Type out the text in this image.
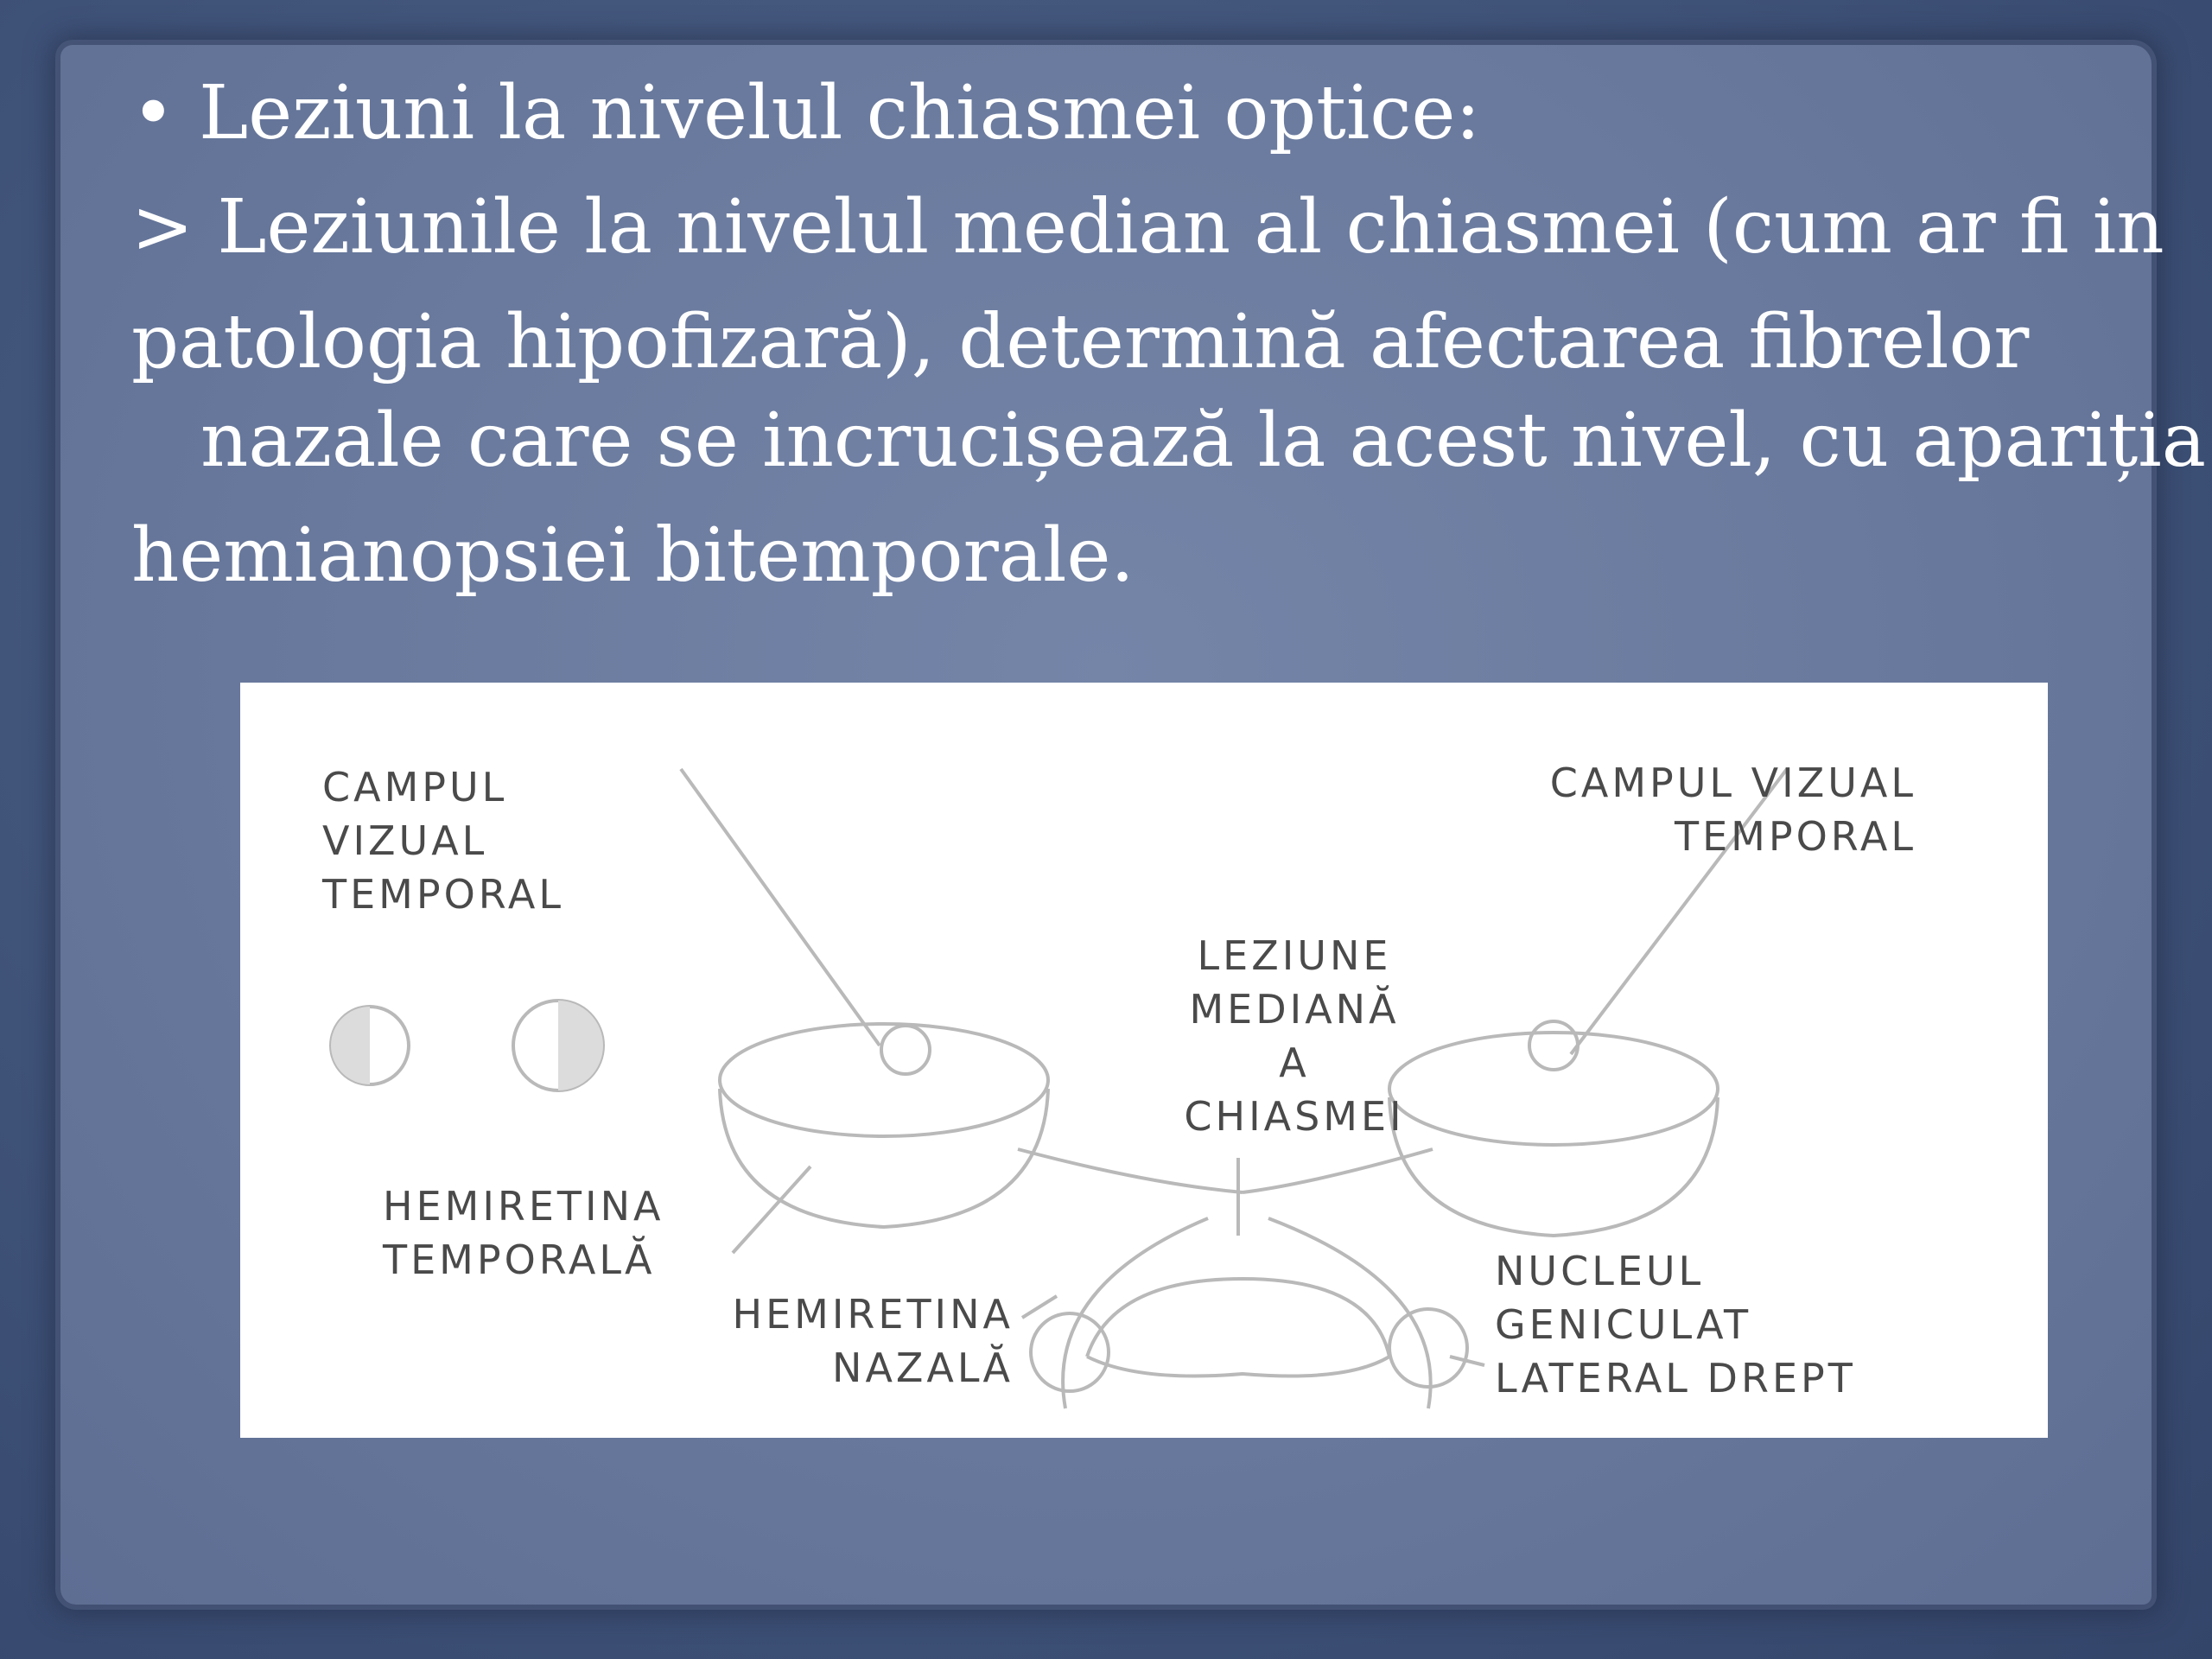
• Leziuni la nivelul chiasmei optice:
> Leziunile la nivelul median al chiasmei (cum ar fi in
patologia hipofizară), determină afectarea fibrelor
nazale care se incrucișează la acest nivel, cu apariția
hemianopsiei bitemporale.
CAMPUL
VIZUAL
TEMPORAL
CAMPUL VIZUAL
TEMPORAL
LEZIUNE
MEDIANĂ
A
CHIASMEI
HEMIRETINA
TEMPORALĂ
HEMIRETINA
NAZALĂ
NUCLEUL
GENICULAT
LATERAL DREPT
